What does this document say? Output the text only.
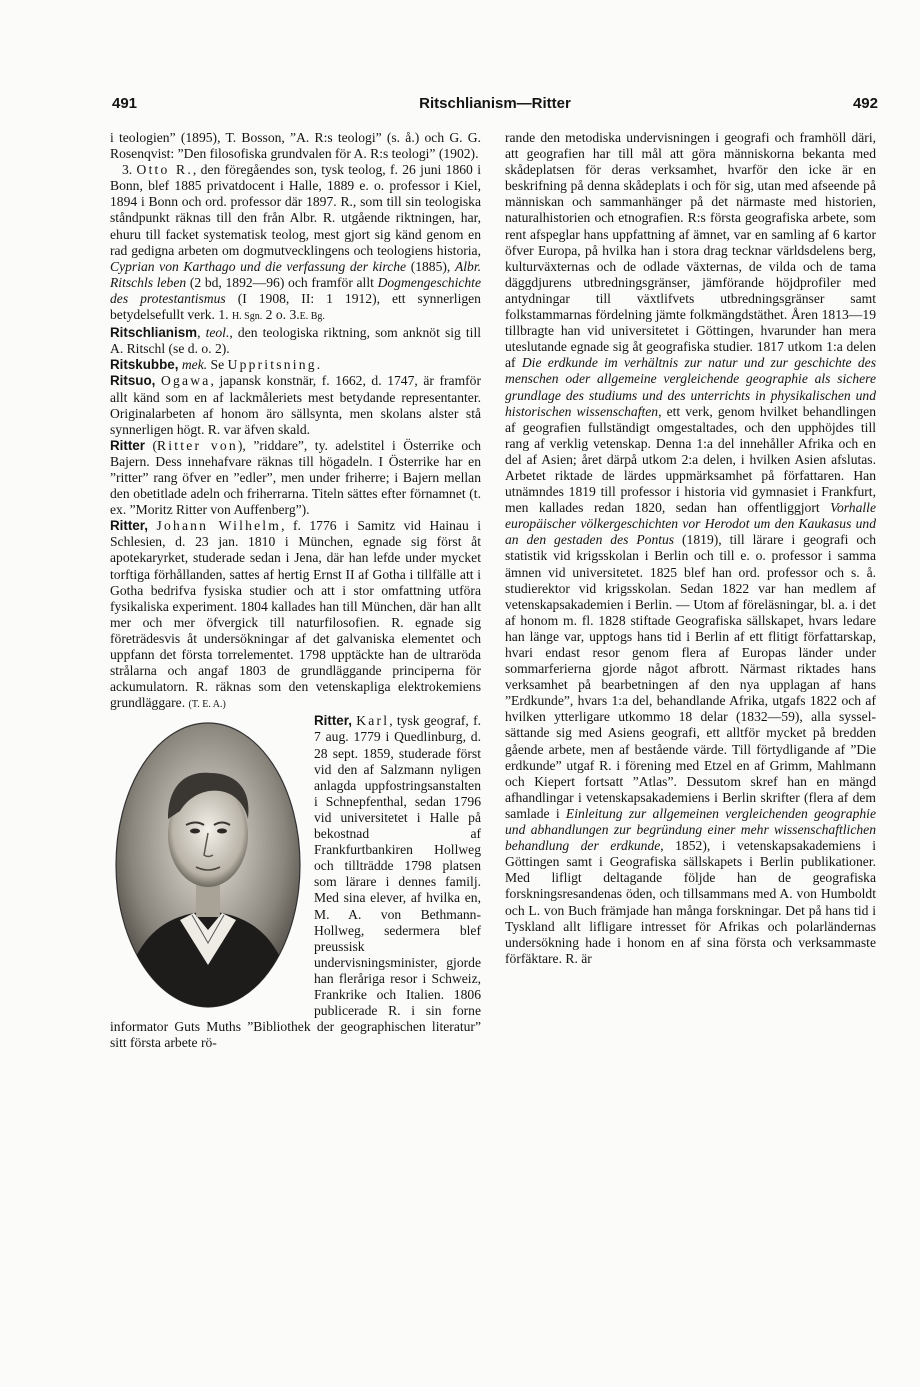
491	Ritschlianism—Ritter	492

i teologien” (1895), T. Bosson, ”A. R:s teologi” (s. å.) och G. G. Rosenqvist: ”Den filosofiska grundvalen för A. R:s teologi” (1902).

3. Otto R., den föregåendes son, tysk teolog, f. 26 juni 1860 i Bonn, blef 1885 privatdocent i Halle, 1889 e. o. professor i Kiel, 1894 i Bonn och ord. professor där 1897. R., som till sin teologiska ståndpunkt räknas till den från Albr. R. utgående riktningen, har, ehuru till facket systematisk teolog, mest gjort sig känd genom en rad gedigna arbeten om dogmutvecklingens och teologiens historia, Cyprian von Karthago und die verfassung der kirche (1885), Albr. Ritschls leben (2 bd, 1892—96) och framför allt Dogmengeschichte des protestantismus (I 1908, II: 1 1912), ett synnerligen betydelsefullt verk. 1. H. Sgn. 2 o. 3.E. Bg.

Ritschlianism, teol., den teologiska riktning, som anknöt sig till A. Ritschl (se d. o. 2).

Ritskubbe, mek. Se Uppritsning.

Ritsuo, Ogawa, japansk konstnär, f. 1662, d. 1747, är framför allt känd som en af lackmåleriets mest betydande representanter. Originalarbeten af honom äro sällsynta, men skolans alster stå synnerligen högt. R. var äfven skald.

Ritter (Ritter von), ”riddare”, ty. adelstitel i Österrike och Bajern. Dess innehafvare räknas till högadeln. I Österrike har en ”ritter” rang öfver en ”edler”, men under friherre; i Bajern mellan den obetitlade adeln och friherrarna. Titeln sättes efter förnamnet (t. ex. ”Moritz Ritter von Auffenberg”).

Ritter, Johann Wilhelm, f. 1776 i Samitz vid Hainau i Schlesien, d. 23 jan. 1810 i München, egnade sig först åt apotekaryrket, studerade sedan i Jena, där han lefde under mycket torftiga förhållanden, sattes af hertig Ernst II af Gotha i tillfälle att i Gotha bedrifva fysiska studier och att i stor omfattning utföra fysikaliska experiment. 1804 kallades han till München, där han allt mer och mer öfvergick till naturfilosofien. R. egnade sig företrädesvis åt undersökningar af det galvaniska elementet och uppfann det första torrelementet. 1798 upptäckte han de ultraröda strålarna och angaf 1803 de grundläggande principerna för ackumulatorn. R. räknas som den vetenskapliga elektrokemiens grundläggare. (T. E. A.)

Ritter, Karl
, tysk geograf, f. 7 aug. 1779 i Quedlinburg, d. 28 sept. 1859, studerade först vid den af Salzmann nyligen anlagda uppfostringsanstalten i Schnepfenthal, sedan 1796 vid universitetet i Halle på bekostnad af Frankfurtbankiren Hollweg och tillträdde 1798 platsen som lärare i dennes familj. Med sina elever, af hvilka en, M. A. von Bethmann-Hollweg, sedermera blef preussisk undervisningsminister, gjorde han fleråriga resor i Schweiz, Frankrike och Italien. 1806 publicerade R. i sin forne informator Guts Muths ”Bibliothek der geographischen literatur” sitt första arbete rö-

rande den metodiska undervisningen i geografi och framhöll däri, att geografien har till mål att göra människorna bekanta med skådeplatsen för deras verksamhet, hvarför den icke är en beskrifning på denna skådeplats i och för sig, utan med afseende på människan och sammanhänger på det närmaste med historien, naturalhistorien och etnografien. R:s första geografiska arbete, som rent afspeglar hans uppfattning af ämnet, var en samling af 6 kartor öfver Europa, på hvilka han i stora drag tecknar världsdelens berg, kulturväxternas och de odlade växternas, de vilda och de tama däggdjurens utbredningsgränser, jämförande höjdprofiler med antydningar till växtlifvets utbredningsgränser samt folkstammarnas fördelning jämte folkmängdstäthet. Åren 1813—19 tillbragte han vid universitetet i Göttingen, hvarunder han mera uteslutande egnade sig åt geografiska studier. 1817 utkom 1:a delen af Die erdkunde im verhältnis zur natur und zur geschichte des menschen oder allgemeine vergleichende geographie als sichere grundlage des studiums und des unterrichts in physikalischen und historischen wissenschaften, ett verk, genom hvilket behandlingen af geografien fullständigt omgestaltades, och den upphöjdes till rang af verklig vetenskap. Denna 1:a del innehåller Afrika och en del af Asien; året därpå utkom 2:a delen, i hvilken Asien afslutas. Arbetet riktade de lärdes uppmärksamhet på författaren. Han utnämndes 1819 till professor i historia vid gymnasiet i Frankfurt, men kallades redan 1820, sedan han offentliggjort Vorhalle europäischer völkergeschichten vor Herodot um den Kaukasus und an den gestaden des Pontus (1819), till lärare i geografi och statistik vid krigsskolan i Berlin och till e. o. professor i samma ämnen vid universitetet. 1825 blef han ord. professor och s. å. studierektor vid krigsskolan. Sedan 1822 var han medlem af vetenskapsakademien i Berlin. — Utom af föreläsningar, bl. a. i det af honom m. fl. 1828 stiftade Geografiska sällskapet, hvars ledare han länge var, upptogs hans tid i Berlin af ett flitigt författarskap, hvari endast resor genom flera af Europas länder under sommarferierna gjorde något afbrott. Närmast riktades hans verksamhet på bearbetningen af den nya upplagan af hans ”Erdkunde”, hvars 1:a del, behandlande Afrika, utgafs 1822 och af hvilken ytterligare utkommo 18 delar (1832—59), alla sysselsättande sig med Asiens geografi, ett alltför mycket på bredden gående arbete, men af bestående värde. Till förtydligande af ”Die erdkunde” utgaf R. i förening med Etzel en af Grimm, Mahlmann och Kiepert fortsatt ”Atlas”. Dessutom skref han en mängd afhandlingar i vetenskapsakademiens i Berlin skrifter (flera af dem samlade i Einleitung zur allgemeinen vergleichenden geographie und abhandlungen zur begründung einer mehr wissenschaftlichen behandlung der erdkunde, 1852), i vetenskapsakademiens i Göttingen samt i Geografiska sällskapets i Berlin publikationer. Med lifligt deltagande följde han de geografiska forskningsresandenas öden, och tillsammans med A. von Humboldt och L. von Buch främjade han många forskningar. Det på hans tid i Tyskland allt lifligare intresset för Afrikas och polarländernas undersökning hade i honom en af sina första och verksammaste förfäktare. R. är
